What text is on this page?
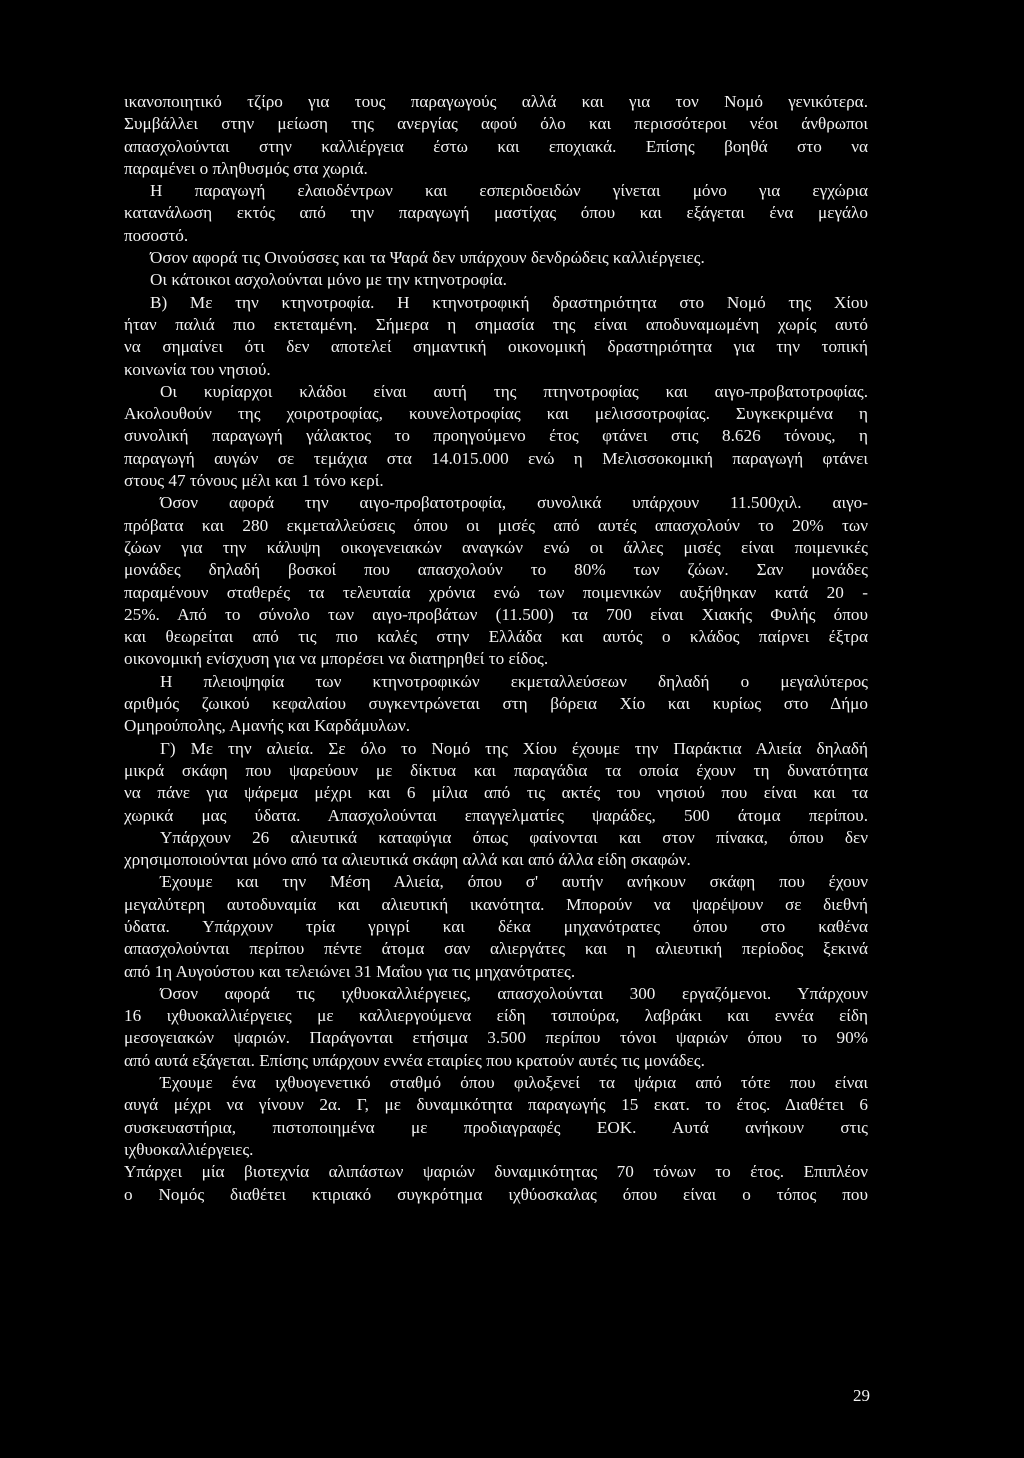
ικανοποιητικό τζίρο για τους παραγωγούς αλλά και για τον Νομό γενικότερα.
Συμβάλλει στην μείωση της ανεργίας αφού όλο και περισσότεροι νέοι άνθρωποι
απασχολούνται στην καλλιέργεια έστω και εποχιακά. Επίσης βοηθά στο να
παραμένει ο πληθυσμός στα χωριά.
Η παραγωγή ελαιοδέντρων και εσπεριδοειδών γίνεται μόνο για εγχώρια
κατανάλωση εκτός από την παραγωγή μαστίχας όπου και εξάγεται ένα μεγάλο
ποσοστό.
Όσον αφορά τις Οινούσσες και τα Ψαρά δεν υπάρχουν δενδρώδεις καλλιέργειες.
Οι κάτοικοι ασχολούνται μόνο με την κτηνοτροφία.
Β) Με την κτηνοτροφία. Η κτηνοτροφική δραστηριότητα στο Νομό της Χίου
ήταν παλιά πιο εκτεταμένη. Σήμερα η σημασία της είναι αποδυναμωμένη χωρίς αυτό
να σημαίνει ότι δεν αποτελεί σημαντική οικονομική δραστηριότητα για την τοπική
κοινωνία του νησιού.
Οι κυρίαρχοι κλάδοι είναι αυτή της πτηνοτροφίας και αιγο-προβατοτροφίας.
Ακολουθούν της χοιροτροφίας, κουνελοτροφίας και μελισσοτροφίας. Συγκεκριμένα η
συνολική παραγωγή γάλακτος το προηγούμενο έτος φτάνει στις 8.626 τόνους, η
παραγωγή αυγών σε τεμάχια στα 14.015.000 ενώ η Μελισσοκομική παραγωγή φτάνει
στους 47 τόνους μέλι και 1 τόνο κερί.
Όσον αφορά την αιγο-προβατοτροφία, συνολικά υπάρχουν 11.500χιλ. αιγο-
πρόβατα και 280 εκμεταλλεύσεις όπου οι μισές από αυτές απασχολούν το 20% των
ζώων για την κάλυψη οικογενειακών αναγκών ενώ οι άλλες μισές είναι ποιμενικές
μονάδες δηλαδή βοσκοί που απασχολούν το 80% των ζώων. Σαν μονάδες
παραμένουν σταθερές τα τελευταία χρόνια ενώ των ποιμενικών αυξήθηκαν κατά 20 -
25%. Από το σύνολο των αιγο-προβάτων (11.500) τα 700 είναι Χιακής Φυλής όπου
και θεωρείται από τις πιο καλές στην Ελλάδα και αυτός ο κλάδος παίρνει έξτρα
οικονομική ενίσχυση για να μπορέσει να διατηρηθεί το είδος.
Η πλειοψηφία των κτηνοτροφικών εκμεταλλεύσεων δηλαδή ο μεγαλύτερος
αριθμός ζωικού κεφαλαίου συγκεντρώνεται στη βόρεια Χίο και κυρίως στο Δήμο
Ομηρούπολης, Αμανής και Καρδάμυλων.
Γ) Με την αλιεία. Σε όλο το Νομό της Χίου έχουμε την Παράκτια Αλιεία δηλαδή
μικρά σκάφη που ψαρεύουν με δίκτυα και παραγάδια τα οποία έχουν τη δυνατότητα
να πάνε για ψάρεμα μέχρι και 6 μίλια από τις ακτές του νησιού που είναι και τα
χωρικά μας ύδατα. Απασχολούνται επαγγελματίες ψαράδες, 500 άτομα περίπου.
Υπάρχουν 26 αλιευτικά καταφύγια όπως φαίνονται και στον πίνακα, όπου δεν
χρησιμοποιούνται μόνο από τα αλιευτικά σκάφη αλλά και από άλλα είδη σκαφών.
Έχουμε και την Μέση Αλιεία, όπου σ' αυτήν ανήκουν σκάφη που έχουν
μεγαλύτερη αυτοδυναμία και αλιευτική ικανότητα. Μπορούν να ψαρέψουν σε διεθνή
ύδατα. Υπάρχουν τρία γριγρί και δέκα μηχανότρατες όπου στο καθένα
απασχολούνται περίπου πέντε άτομα σαν αλιεργάτες και η αλιευτική περίοδος ξεκινά
από 1η Αυγούστου και τελειώνει 31 Μαΐου για τις μηχανότρατες.
Όσον αφορά τις ιχθυοκαλλιέργειες, απασχολούνται 300 εργαζόμενοι. Υπάρχουν
16 ιχθυοκαλλιέργειες με καλλιεργούμενα είδη τσιπούρα, λαβράκι και εννέα είδη
μεσογειακών ψαριών. Παράγονται ετήσιμα 3.500 περίπου τόνοι ψαριών όπου το 90%
από αυτά εξάγεται. Επίσης υπάρχουν εννέα εταιρίες που κρατούν αυτές τις μονάδες.
Έχουμε ένα ιχθυογενετικό σταθμό όπου φιλοξενεί τα ψάρια από τότε που είναι
αυγά μέχρι να γίνουν 2α. Γ, με δυναμικότητα παραγωγής 15 εκατ. το έτος. Διαθέτει 6
συσκευαστήρια, πιστοποιημένα με προδιαγραφές ΕΟΚ. Αυτά ανήκουν στις
ιχθυοκαλλιέργειες.
Υπάρχει μία βιοτεχνία αλιπάστων ψαριών δυναμικότητας 70 τόνων το έτος. Επιπλέον
ο Νομός διαθέτει κτιριακό συγκρότημα ιχθύοσκαλας όπου είναι ο τόπος που
29
